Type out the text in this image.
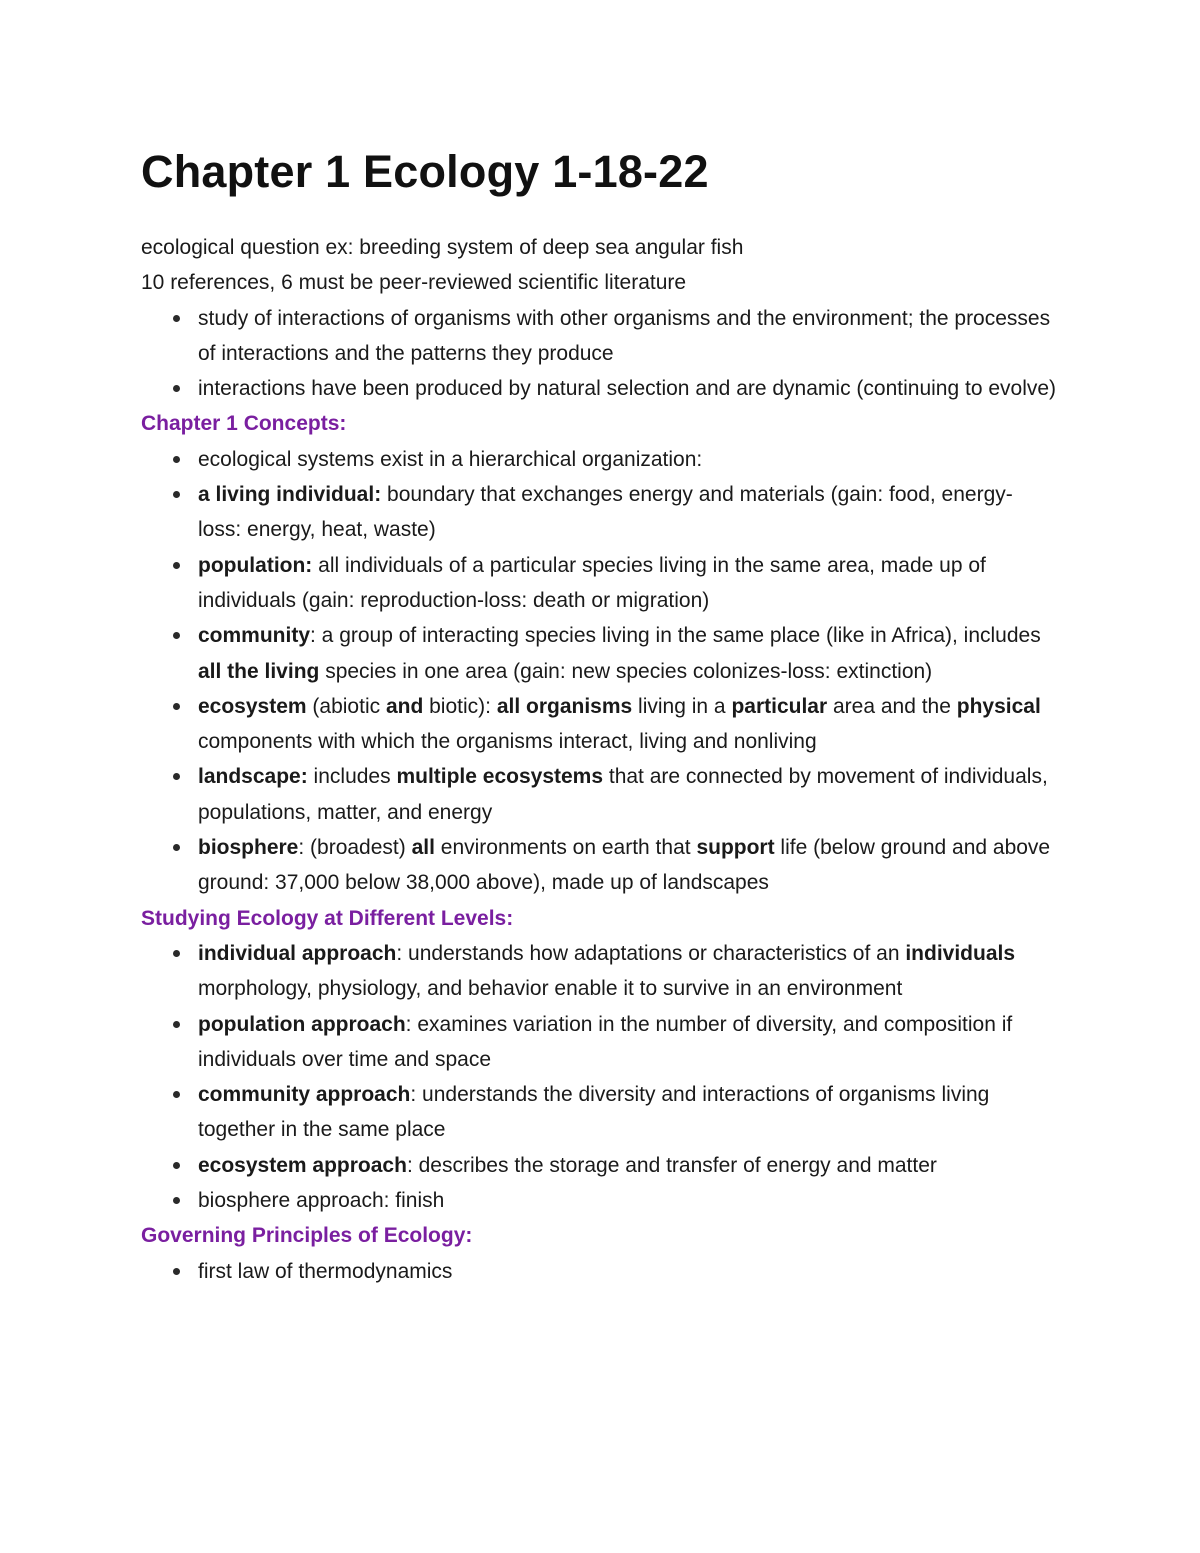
Chapter 1 Ecology 1-18-22

ecological question ex: breeding system of deep sea angular fish

10 references, 6 must be peer-reviewed scientific literature

study of interactions of organisms with other organisms and the environment; the processes of interactions and the patterns they produce
interactions have been produced by natural selection and are dynamic (continuing to evolve)

Chapter 1 Concepts:

ecological systems exist in a hierarchical organization:
a living individual: boundary that exchanges energy and materials (gain: food, energy- loss: energy, heat, waste)
population: all individuals of a particular species living in the same area, made up of individuals (gain: reproduction-loss: death or migration)
community: a group of interacting species living in the same place (like in Africa), includes all the living species in one area (gain: new species colonizes-loss: extinction)
ecosystem (abiotic and biotic): all organisms living in a particular area and the physical components with which the organisms interact, living and nonliving
landscape: includes multiple ecosystems that are connected by movement of individuals, populations, matter, and energy
biosphere: (broadest) all environments on earth that support life (below ground and above ground: 37,000 below 38,000 above), made up of landscapes

Studying Ecology at Different Levels:

individual approach: understands how adaptations or characteristics of an individuals morphology, physiology, and behavior enable it to survive in an environment
population approach: examines variation in the number of diversity, and composition if individuals over time and space
community approach: understands the diversity and interactions of organisms living together in the same place
ecosystem approach: describes the storage and transfer of energy and matter
biosphere approach: finish

Governing Principles of Ecology:

first law of thermodynamics
